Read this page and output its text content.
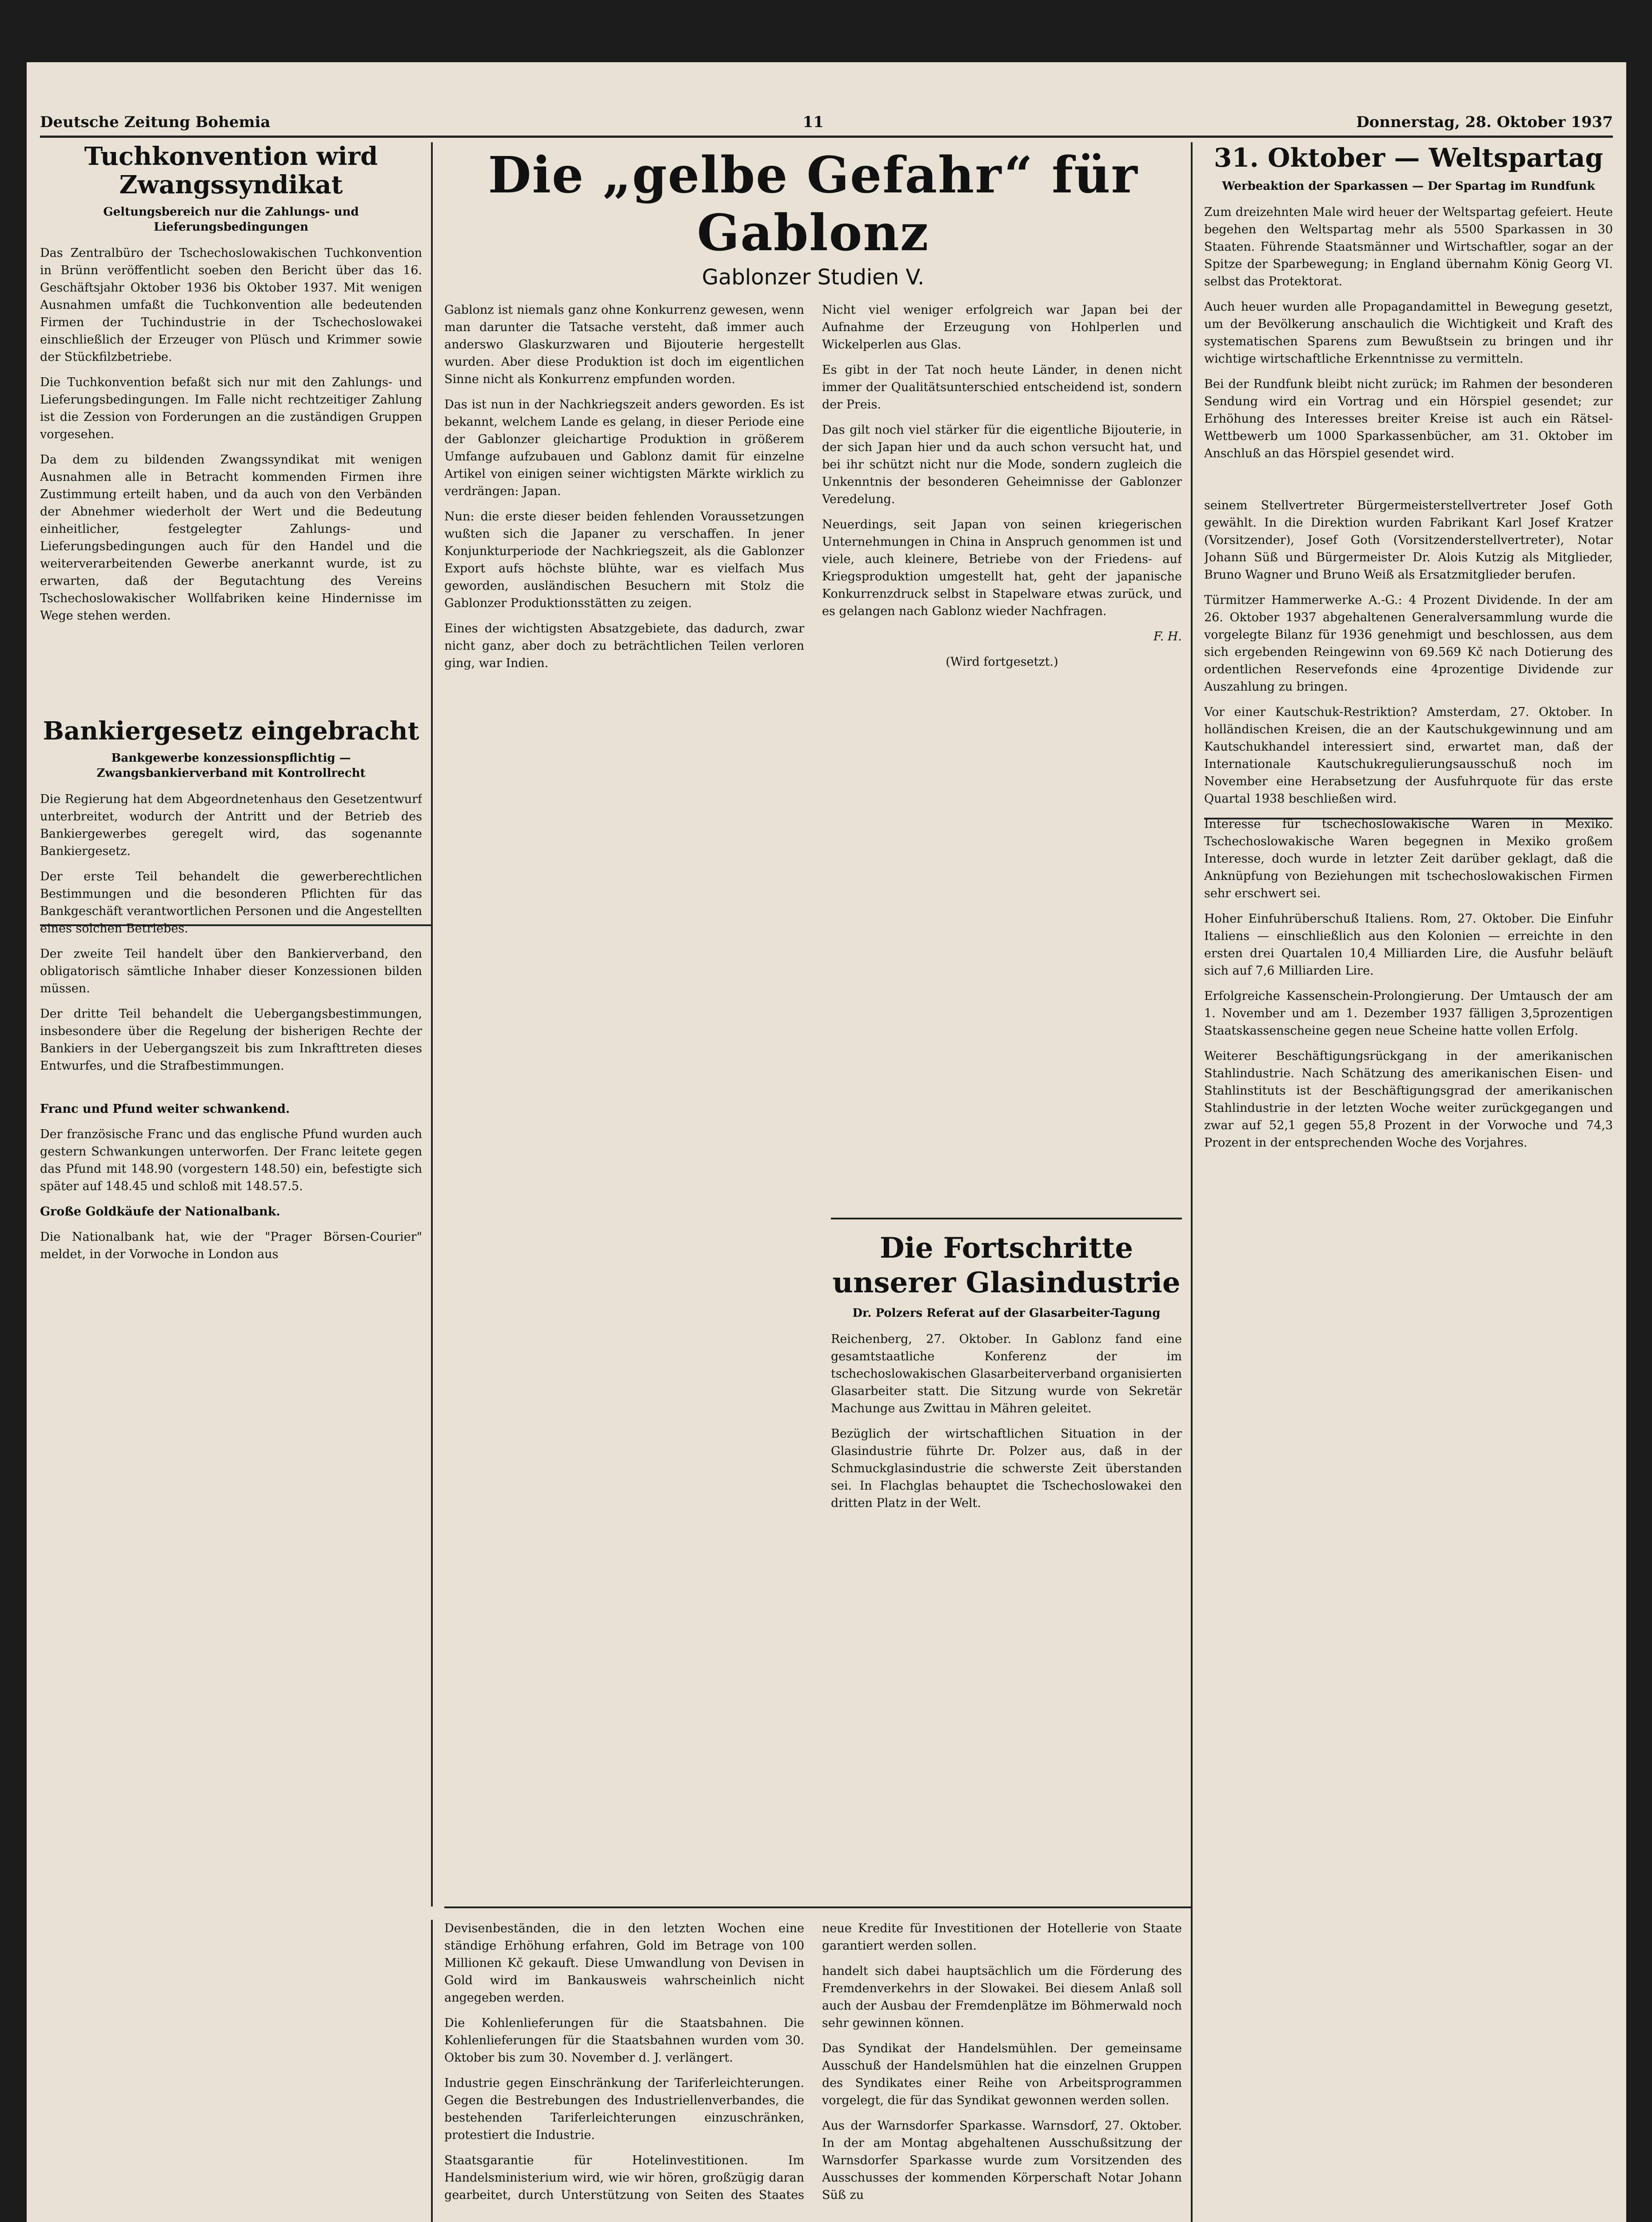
Deutsche Zeitung Bohemia	11	Donnerstag, 28. Oktober 1937
Tuchkonvention wird Zwangssyndikat
Geltungsbereich nur die Zahlungs- und Lieferungsbedingungen

Das Zentralbüro der Tschechoslowakischen Tuchkonvention in Brünn veröffentlicht soeben den Bericht über das 16. Geschäftsjahr Oktober 1936 bis Oktober 1937. Mit wenigen Ausnahmen umfaßt die Tuchkonvention alle bedeutenden Firmen der Tuchindustrie in der Tschechoslowakei einschließlich der Erzeuger von Plüsch und Krimmer sowie der Stückfilzbetriebe.

Die Tuchkonvention befaßt sich nur mit den Zahlungs- und Lieferungsbedingungen. Im Falle nicht rechtzeitiger Zahlung ist die Zession von Forderungen an die zuständigen Gruppen vorgesehen.

Da dem zu bildenden Zwangssyndikat mit wenigen Ausnahmen alle in Betracht kommenden Firmen ihre Zustimmung erteilt haben, und da auch von den Verbänden der Abnehmer wiederholt der Wert und die Bedeutung einheitlicher, festgelegter Zahlungs- und Lieferungsbedingungen auch für den Handel und die weiterverarbeitenden Gewerbe anerkannt wurde, ist zu erwarten, daß der Begutachtung des Vereins Tschechoslowakischer Wollfabriken keine Hindernisse im Wege stehen werden.

Bankiergesetz eingebracht
Bankgewerbe konzessionspflichtig — Zwangsbankierverband mit Kontrollrecht

Die Regierung hat dem Abgeordnetenhaus den Gesetzentwurf unterbreitet, wodurch der Antritt und der Betrieb des Bankiergewerbes geregelt wird, das sogenannte Bankiergesetz.

Der erste Teil behandelt die gewerberechtlichen Bestimmungen und die besonderen Pflichten für das Bankgeschäft verantwortlichen Personen und die Angestellten eines solchen Betriebes.

Der zweite Teil handelt über den Bankierverband, den obligatorisch sämtliche Inhaber dieser Konzessionen bilden müssen.

Der dritte Teil behandelt die Uebergangsbestimmungen, insbesondere über die Regelung der bisherigen Rechte der Bankiers in der Uebergangszeit bis zum Inkrafttreten dieses Entwurfes, und die Strafbestimmungen.

Franc und Pfund weiter schwankend.

Der französische Franc und das englische Pfund wurden auch gestern Schwankungen unterworfen. Der Franc leitete gegen das Pfund mit 148.90 (vorgestern 148.50) ein, befestigte sich später auf 148.45 und schloß mit 148.57.5.

Große Goldkäufe der Nationalbank.

Die Nationalbank hat, wie der "Prager Börsen-Courier" meldet, in der Vorwoche in London aus

Die „gelbe Gefahr“ für Gablonz
Gablonzer Studien V.

Gablonz ist niemals ganz ohne Konkurrenz gewesen, wenn man darunter die Tatsache versteht, daß immer auch anderswo Glaskurzwaren und Bijouterie hergestellt wurden. Aber diese Produktion ist doch im eigentlichen Sinne nicht als Konkurrenz empfunden worden.

Das ist nun in der Nachkriegszeit anders geworden. Es ist bekannt, welchem Lande es gelang, in dieser Periode eine der Gablonzer gleichartige Produktion in größerem Umfange aufzubauen und Gablonz damit für einzelne Artikel von einigen seiner wichtigsten Märkte wirklich zu verdrängen: Japan.

Nun: die erste dieser beiden fehlenden Voraussetzungen wußten sich die Japaner zu verschaffen. In jener Konjunkturperiode der Nachkriegszeit, als die Gablonzer Export aufs höchste blühte, war es vielfach Mus geworden, ausländischen Besuchern mit Stolz die Gablonzer Produktionsstätten zu zeigen.

Eines der wichtigsten Absatzgebiete, das dadurch, zwar nicht ganz, aber doch zu beträchtlichen Teilen verloren ging, war Indien.

Nicht viel weniger erfolgreich war Japan bei der Aufnahme der Erzeugung von Hohlperlen und Wickelperlen aus Glas.

Es gibt in der Tat noch heute Länder, in denen nicht immer der Qualitätsunterschied entscheidend ist, sondern der Preis.

Das gilt noch viel stärker für die eigentliche Bijouterie, in der sich Japan hier und da auch schon versucht hat, und bei ihr schützt nicht nur die Mode, sondern zugleich die Unkenntnis der besonderen Geheimnisse der Gablonzer Veredelung.

Neuerdings, seit Japan von seinen kriegerischen Unternehmungen in China in Anspruch genommen ist und viele, auch kleinere, Betriebe von der Friedens- auf Kriegsproduktion umgestellt hat, geht der japanische Konkurrenzdruck selbst in Stapelware etwas zurück, und es gelangen nach Gablonz wieder Nachfragen.

F. H.

(Wird fortgesetzt.)

Die Fortschritte unserer Glasindustrie
Dr. Polzers Referat auf der Glasarbeiter-Tagung

Reichenberg, 27. Oktober. In Gablonz fand eine gesamtstaatliche Konferenz der im tschechoslowakischen Glasarbeiterverband organisierten Glasarbeiter statt. Die Sitzung wurde von Sekretär Machunge aus Zwittau in Mähren geleitet.

Bezüglich der wirtschaftlichen Situation in der Glasindustrie führte Dr. Polzer aus, daß in der Schmuckglasindustrie die schwerste Zeit überstanden sei. In Flachglas behauptet die Tschechoslowakei den dritten Platz in der Welt.

Devisenbeständen, die in den letzten Wochen eine ständige Erhöhung erfahren, Gold im Betrage von 100 Millionen Kč gekauft. Diese Umwandlung von Devisen in Gold wird im Bankausweis wahrscheinlich nicht angegeben werden.

Die Kohlenlieferungen für die Staatsbahnen. Die Kohlenlieferungen für die Staatsbahnen wurden vom 30. Oktober bis zum 30. November d. J. verlängert.

Industrie gegen Einschränkung der Tariferleichterungen. Gegen die Bestrebungen des Industriellenverbandes, die bestehenden Tariferleichterungen einzuschränken, protestiert die Industrie.

Staatsgarantie für Hotelinvestitionen. Im Handelsministerium wird, wie wir hören, großzügig daran gearbeitet, durch Unterstützung von Seiten des Staates neue Kredite für Investitionen der Hotellerie von Staate garantiert werden sollen.

handelt sich dabei hauptsächlich um die Förderung des Fremdenverkehrs in der Slowakei. Bei diesem Anlaß soll auch der Ausbau der Fremdenplätze im Böhmerwald noch sehr gewinnen können.

Das Syndikat der Handelsmühlen. Der gemeinsame Ausschuß der Handelsmühlen hat die einzelnen Gruppen des Syndikates einer Reihe von Arbeitsprogrammen vorgelegt, die für das Syndikat gewonnen werden sollen.

Aus der Warnsdorfer Sparkasse. Warnsdorf, 27. Oktober. In der am Montag abgehaltenen Ausschußsitzung der Warnsdorfer Sparkasse wurde zum Vorsitzenden des Ausschusses der kommenden Körperschaft Notar Johann Süß zu

31. Oktober — Weltspartag
Werbeaktion der Sparkassen — Der Spartag im Rundfunk

Zum dreizehnten Male wird heuer der Weltspartag gefeiert. Heute begehen den Weltspartag mehr als 5500 Sparkassen in 30 Staaten. Führende Staatsmänner und Wirtschaftler, sogar an der Spitze der Sparbewegung; in England übernahm König Georg VI. selbst das Protektorat.

Auch heuer wurden alle Propagandamittel in Bewegung gesetzt, um der Bevölkerung anschaulich die Wichtigkeit und Kraft des systematischen Sparens zum Bewußtsein zu bringen und ihr wichtige wirtschaftliche Erkenntnisse zu vermitteln.

Bei der Rundfunk bleibt nicht zurück; im Rahmen der besonderen Sendung wird ein Vortrag und ein Hörspiel gesendet; zur Erhöhung des Interesses breiter Kreise ist auch ein Rätsel-Wettbewerb um 1000 Sparkassenbücher, am 31. Oktober im Anschluß an das Hörspiel gesendet wird.

seinem Stellvertreter Bürgermeisterstellvertreter Josef Goth gewählt. In die Direktion wurden Fabrikant Karl Josef Kratzer (Vorsitzender), Josef Goth (Vorsitzenderstellvertreter), Notar Johann Süß und Bürgermeister Dr. Alois Kutzig als Mitglieder, Bruno Wagner und Bruno Weiß als Ersatzmitglieder berufen.

Türmitzer Hammerwerke A.-G.: 4 Prozent Dividende. In der am 26. Oktober 1937 abgehaltenen Generalversammlung wurde die vorgelegte Bilanz für 1936 genehmigt und beschlossen, aus dem sich ergebenden Reingewinn von 69.569 Kč nach Dotierung des ordentlichen Reservefonds eine 4prozentige Dividende zur Auszahlung zu bringen.

Vor einer Kautschuk-Restriktion? Amsterdam, 27. Oktober. In holländischen Kreisen, die an der Kautschukgewinnung und am Kautschukhandel interessiert sind, erwartet man, daß der Internationale Kautschukregulierungsausschuß noch im November eine Herabsetzung der Ausfuhrquote für das erste Quartal 1938 beschließen wird.

Interesse für tschechoslowakische Waren in Mexiko. Tschechoslowakische Waren begegnen in Mexiko großem Interesse, doch wurde in letzter Zeit darüber geklagt, daß die Anknüpfung von Beziehungen mit tschechoslowakischen Firmen sehr erschwert sei.

Hoher Einfuhrüberschuß Italiens. Rom, 27. Oktober. Die Einfuhr Italiens — einschließlich aus den Kolonien — erreichte in den ersten drei Quartalen 10,4 Milliarden Lire, die Ausfuhr beläuft sich auf 7,6 Milliarden Lire.

Erfolgreiche Kassenschein-Prolongierung. Der Umtausch der am 1. November und am 1. Dezember 1937 fälligen 3,5prozentigen Staatskassenscheine gegen neue Scheine hatte vollen Erfolg.

Weiterer Beschäftigungsrückgang in der amerikanischen Stahlindustrie. Nach Schätzung des amerikanischen Eisen- und Stahlinstituts ist der Beschäftigungsgrad der amerikanischen Stahlindustrie in der letzten Woche weiter zurückgegangen und zwar auf 52,1 gegen 55,8 Prozent in der Vorwoche und 74,3 Prozent in der entsprechenden Woche des Vorjahres.
